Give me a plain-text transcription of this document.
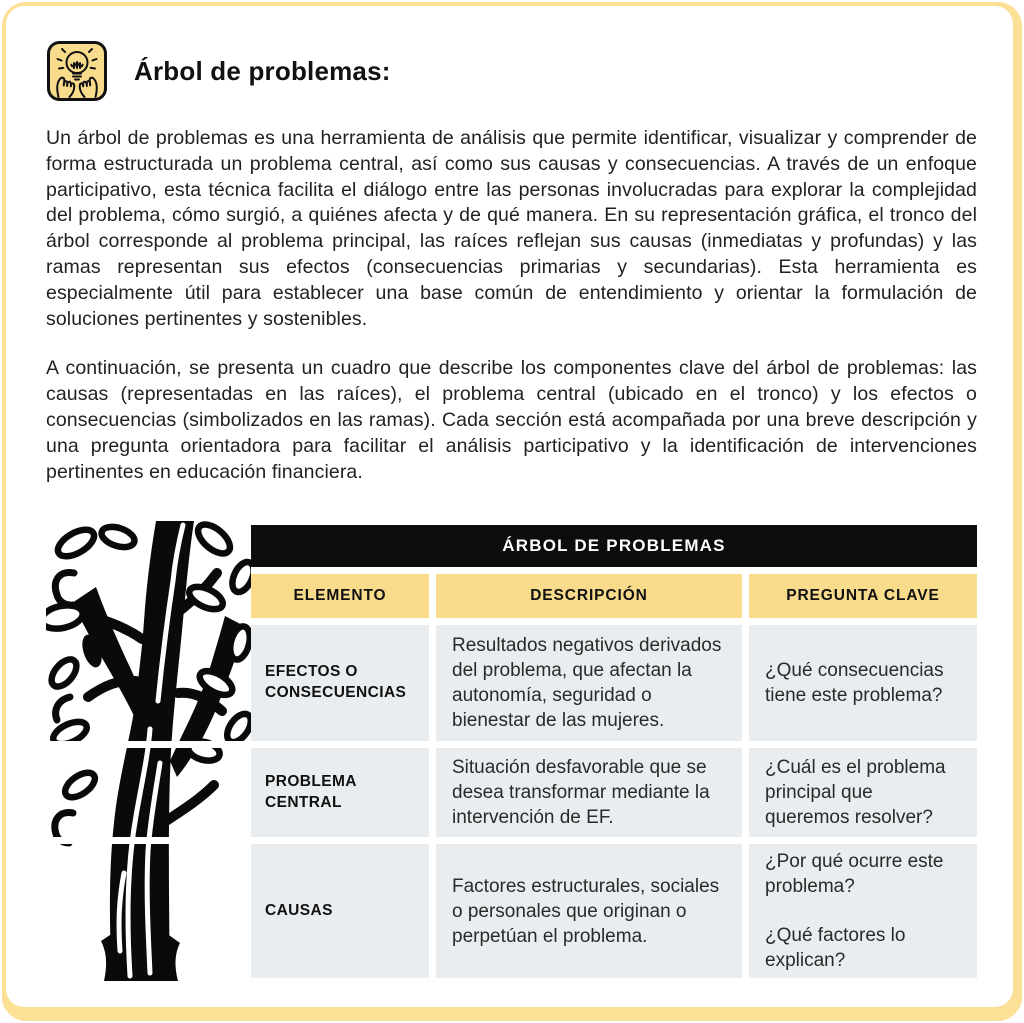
Árbol de problemas:

Un árbol de problemas es una herramienta de análisis que permite identificar, visualizar y comprender de forma estructurada un problema central, así como sus causas y consecuencias. A través de un enfoque participativo, esta técnica facilita el diálogo entre las personas involucradas para explorar la complejidad del problema, cómo surgió, a quiénes afecta y de qué manera. En su representación gráfica, el tronco del árbol corresponde al problema principal, las raíces reflejan sus causas (inmediatas y profundas) y las ramas representan sus efectos (consecuencias primarias y secundarias). Esta herramienta es especialmente útil para establecer una base común de entendimiento y orientar la formulación de soluciones pertinentes y sostenibles.

A continuación, se presenta un cuadro que describe los componentes clave del árbol de problemas: las causas (representadas en las raíces), el problema central (ubicado en el tronco) y los efectos o consecuencias (simbolizados en las ramas). Cada sección está acompañada por una breve descripción y una pregunta orientadora para facilitar el análisis participativo y la identificación de intervenciones pertinentes en educación financiera.

ÁRBOL DE PROBLEMAS
ELEMENTO	DESCRIPCIÓN	PREGUNTA CLAVE
EFECTOS O CONSECUENCIAS

Resultados negativos derivados del problema, que afectan la autonomía, seguridad o bienestar de las mujeres.

¿Qué consecuencias tiene este problema?

PROBLEMA CENTRAL

Situación desfavorable que se desea transformar mediante la intervención de EF.

¿Cuál es el problema principal que queremos resolver?

CAUSAS

Factores estructurales, sociales o personales que originan o perpetúan el problema.

¿Por qué ocurre este problema?

¿Qué factores lo explican?
